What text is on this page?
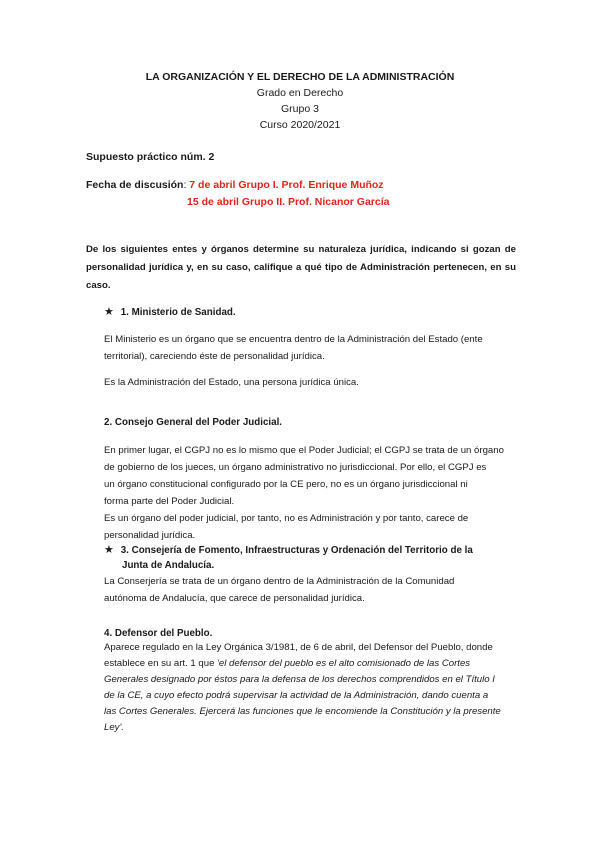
LA ORGANIZACIÓN Y EL DERECHO DE LA ADMINISTRACIÓN
Grado en Derecho
Grupo 3
Curso 2020/2021
Supuesto práctico núm. 2
Fecha de discusión: 7 de abril Grupo I. Prof. Enrique Muñoz
15 de abril Grupo II. Prof. Nicanor García
De los siguientes entes y órganos determine su naturaleza jurídica, indicando si gozan de
personalidad jurídica y, en su caso, califique a qué tipo de Administración pertenecen, en su
caso.
★ 1. Ministerio de Sanidad.
El Ministerio es un órgano que se encuentra dentro de la Administración del Estado (ente
territorial), careciendo éste de personalidad jurídica.
Es la Administración del Estado, una persona jurídica única.
2. Consejo General del Poder Judicial.
En primer lugar, el CGPJ no es lo mismo que el Poder Judicial; el CGPJ se trata de un órgano
de gobierno de los jueces, un órgano administrativo no jurisdiccional. Por ello, el CGPJ es
un órgano constitucional configurado por la CE pero, no es un órgano jurisdiccional ni
forma parte del Poder Judicial.
Es un órgano del poder judicial, por tanto, no es Administración y por tanto, carece de
personalidad jurídica.
★ 3. Consejería de Fomento, Infraestructuras y Ordenación del Territorio de la
Junta de Andalucía.
La Conserjería se trata de un órgano dentro de la Administración de la Comunidad
autónoma de Andalucía, que carece de personalidad jurídica.
4. Defensor del Pueblo.
Aparece regulado en la Ley Orgánica 3/1981, de 6 de abril, del Defensor del Pueblo, donde
establece en su art. 1 que 'el defensor del pueblo es el alto comisionado de las Cortes
Generales designado por éstos para la defensa de los derechos comprendidos en el Título I
de la CE, a cuyo efecto podrá supervisar la actividad de la Administración, dando cuenta a
las Cortes Generales. Ejercerá las funciones que le encomiende la Constitución y la presente
Ley'.
